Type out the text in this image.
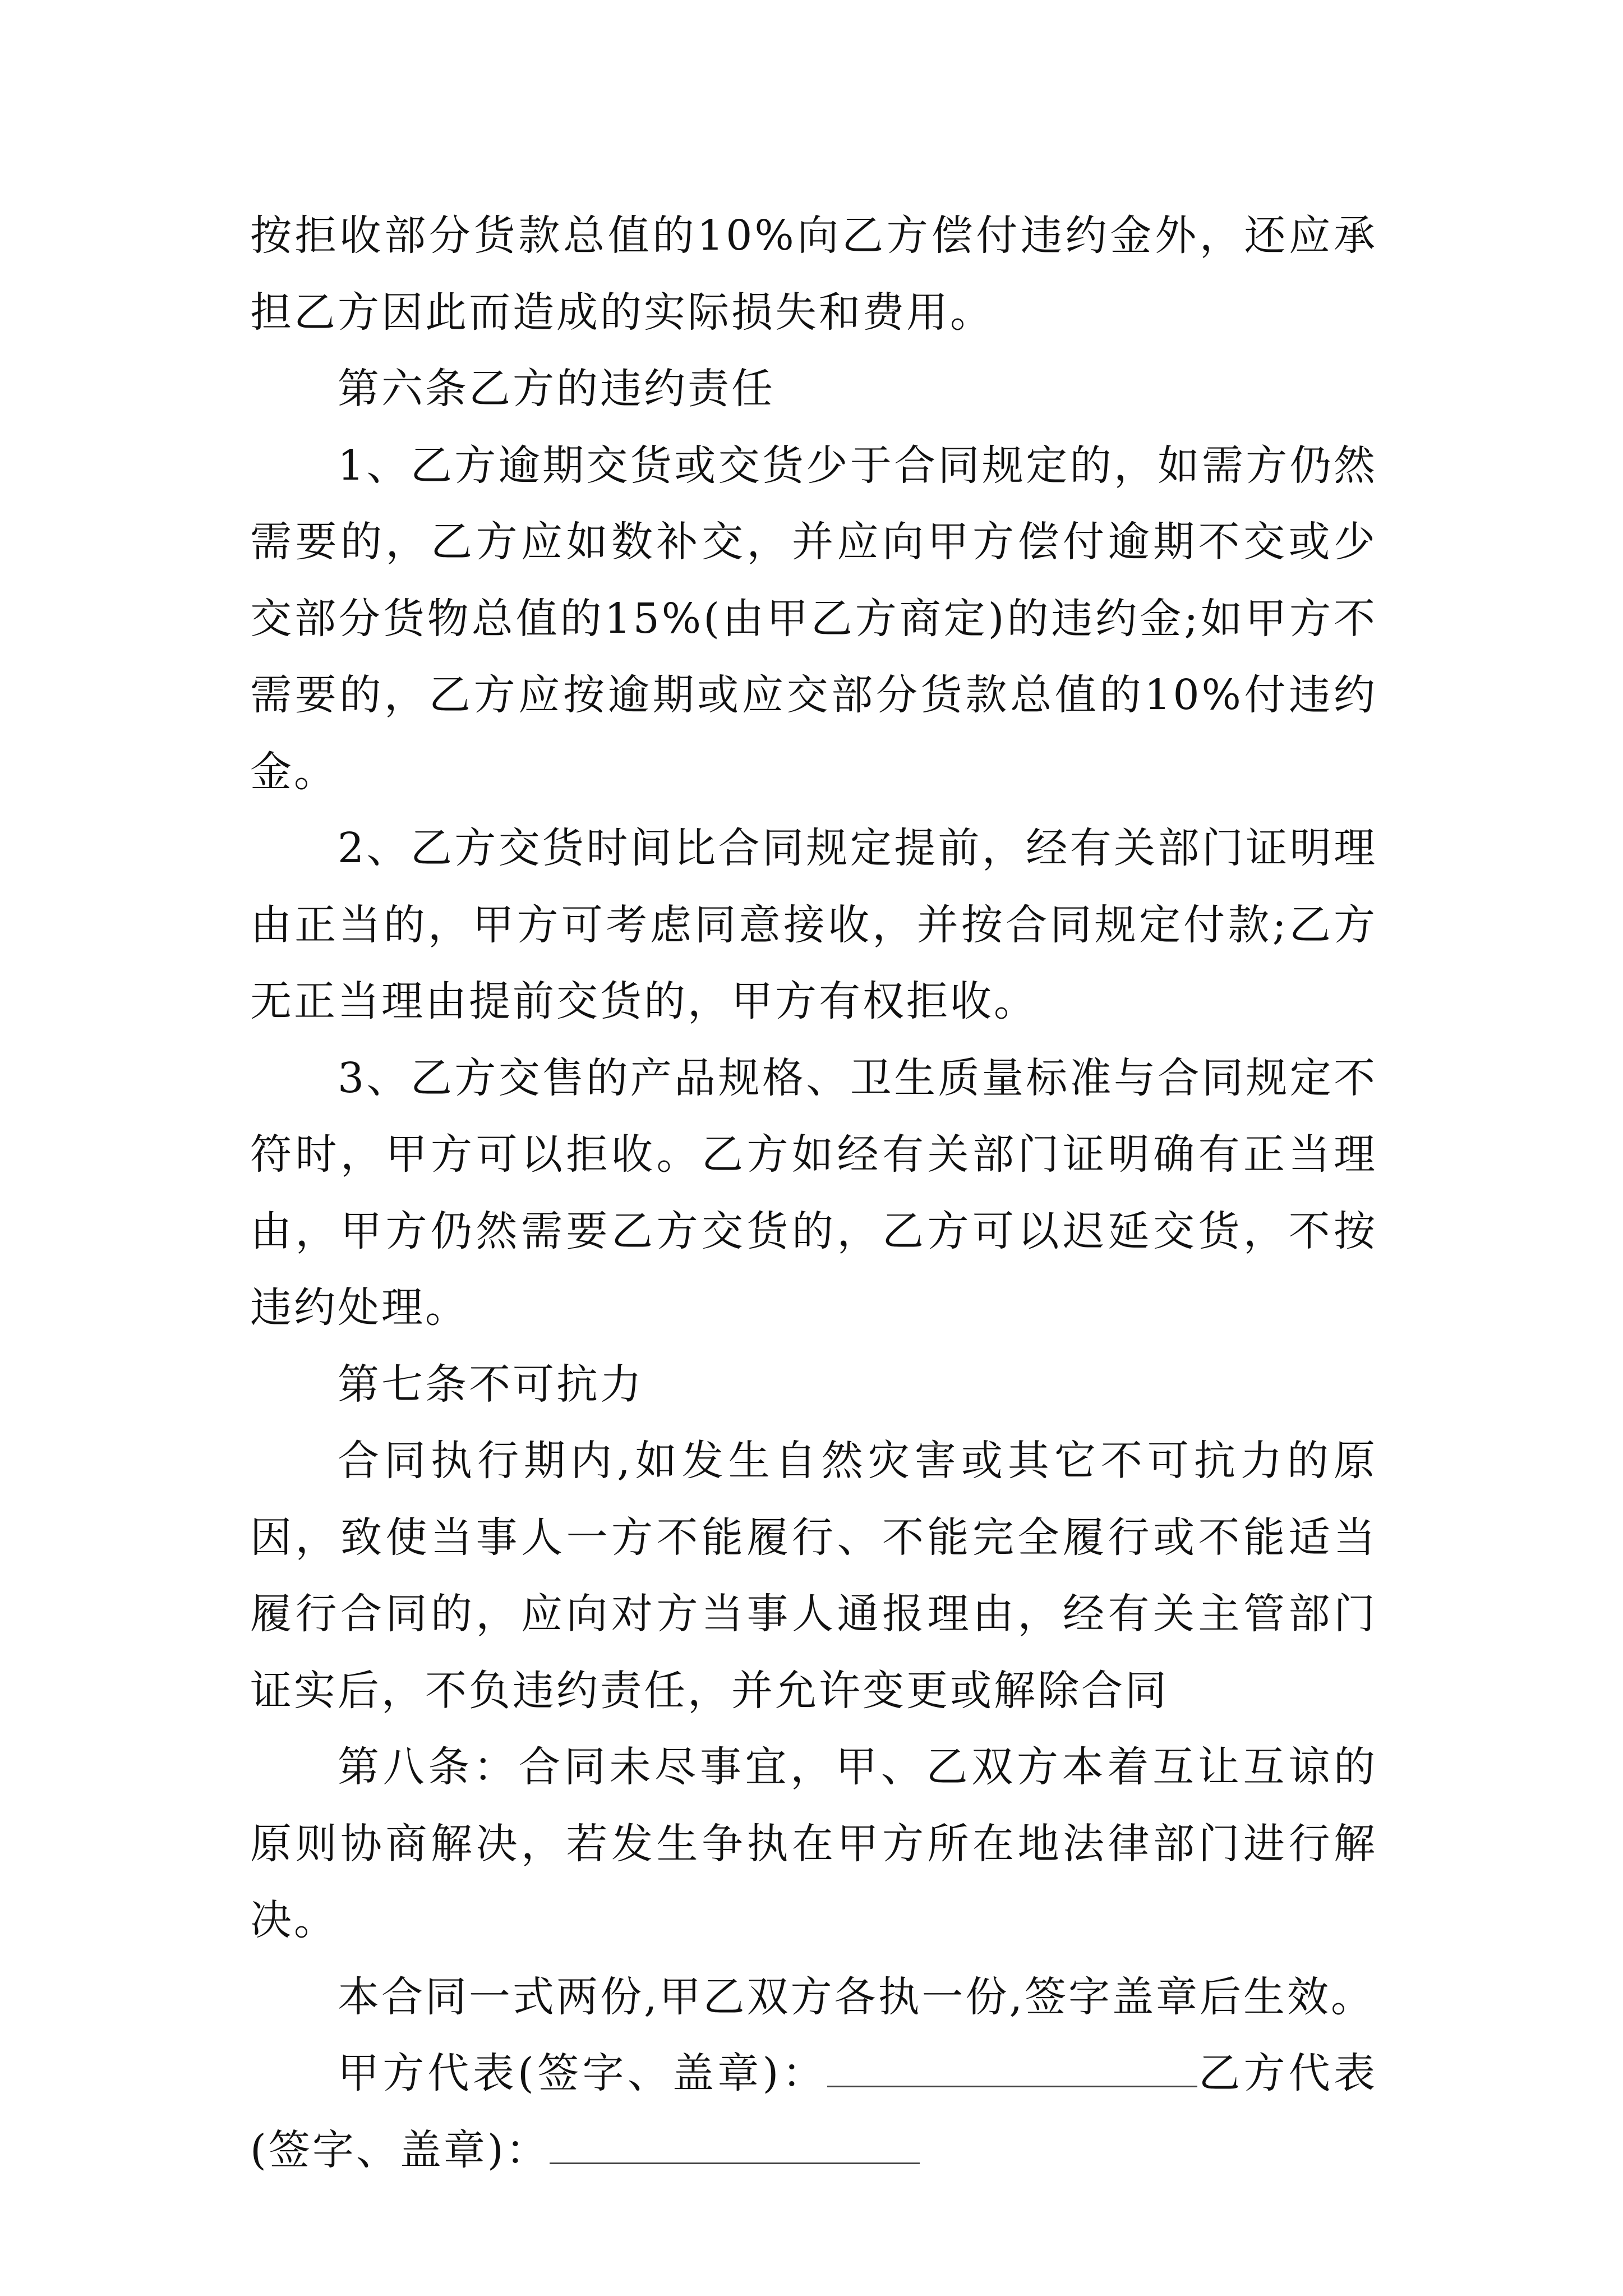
按拒收部分货款总值的10%向乙方偿付违约金外，还应承担乙方因此而造成的实际损失和费用。

第六条乙方的违约责任

1、乙方逾期交货或交货少于合同规定的，如需方仍然需要的，乙方应如数补交，并应向甲方偿付逾期不交或少交部分货物总值的15%(由甲乙方商定)的违约金;如甲方不需要的，乙方应按逾期或应交部分货款总值的10%付违约金。

2、乙方交货时间比合同规定提前，经有关部门证明理由正当的，甲方可考虑同意接收，并按合同规定付款;乙方无正当理由提前交货的，甲方有权拒收。

3、乙方交售的产品规格、卫生质量标准与合同规定不符时，甲方可以拒收。乙方如经有关部门证明确有正当理由，甲方仍然需要乙方交货的，乙方可以迟延交货，不按违约处理。

第七条不可抗力

合同执行期内,如发生自然灾害或其它不可抗力的原因，致使当事人一方不能履行、不能完全履行或不能适当履行合同的，应向对方当事人通报理由，经有关主管部门证实后，不负违约责任，并允许变更或解除合同

第八条：合同未尽事宜，甲、乙双方本着互让互谅的原则协商解决，若发生争执在甲方所在地法律部门进行解决。

本合同一式两份,甲乙双方各执一份,签字盖章后生效。

甲方代表(签字、盖章)：	乙方代表(签字、盖章)：
